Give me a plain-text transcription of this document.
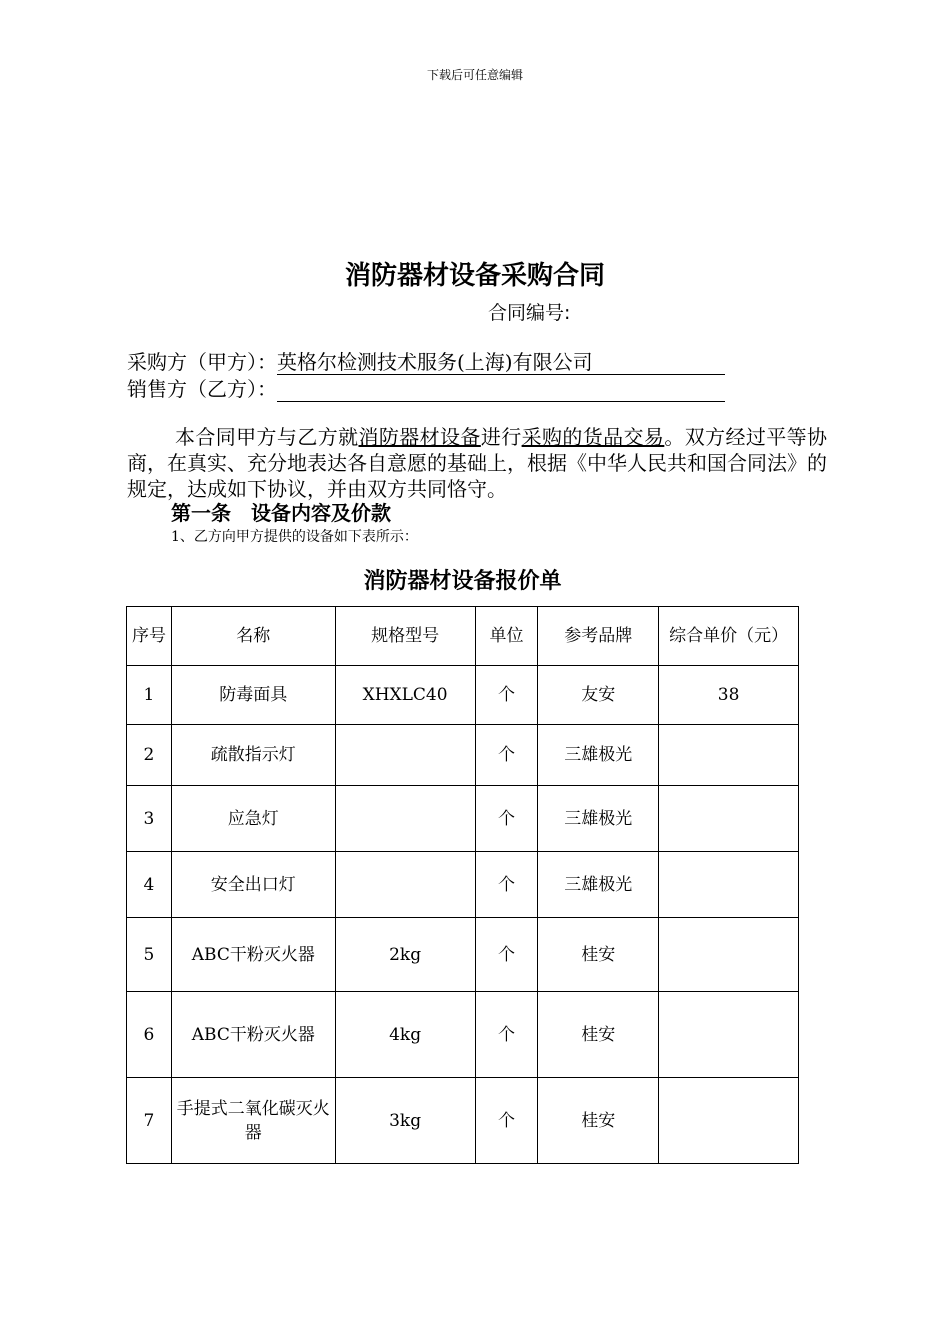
下载后可任意编辑
消防器材设备采购合同
合同编号:
采购方（甲方）：英格尔检测技术服务(上海)有限公司
销售方（乙方）：
本合同甲方与乙方就消防器材设备进行采购的货品交易。双方经过平等协商，在真实、充分地表达各自意愿的基础上，根据《中华人民共和国合同法》的规定，达成如下协议，并由双方共同恪守。
第一条　设备内容及价款
1、乙方向甲方提供的设备如下表所示：
消防器材设备报价单
序号	名称	规格型号	单位	参考品牌	综合单价（元）
1	防毒面具	XHXLC40	个	友安	38
2	疏散指示灯		个	三雄极光	
3	应急灯		个	三雄极光	
4	安全出口灯		个	三雄极光	
5	ABC干粉灭火器	2kg	个	桂安	
6	ABC干粉灭火器	4kg	个	桂安	
7	手提式二氧化碳灭火器	3kg	个	桂安	
